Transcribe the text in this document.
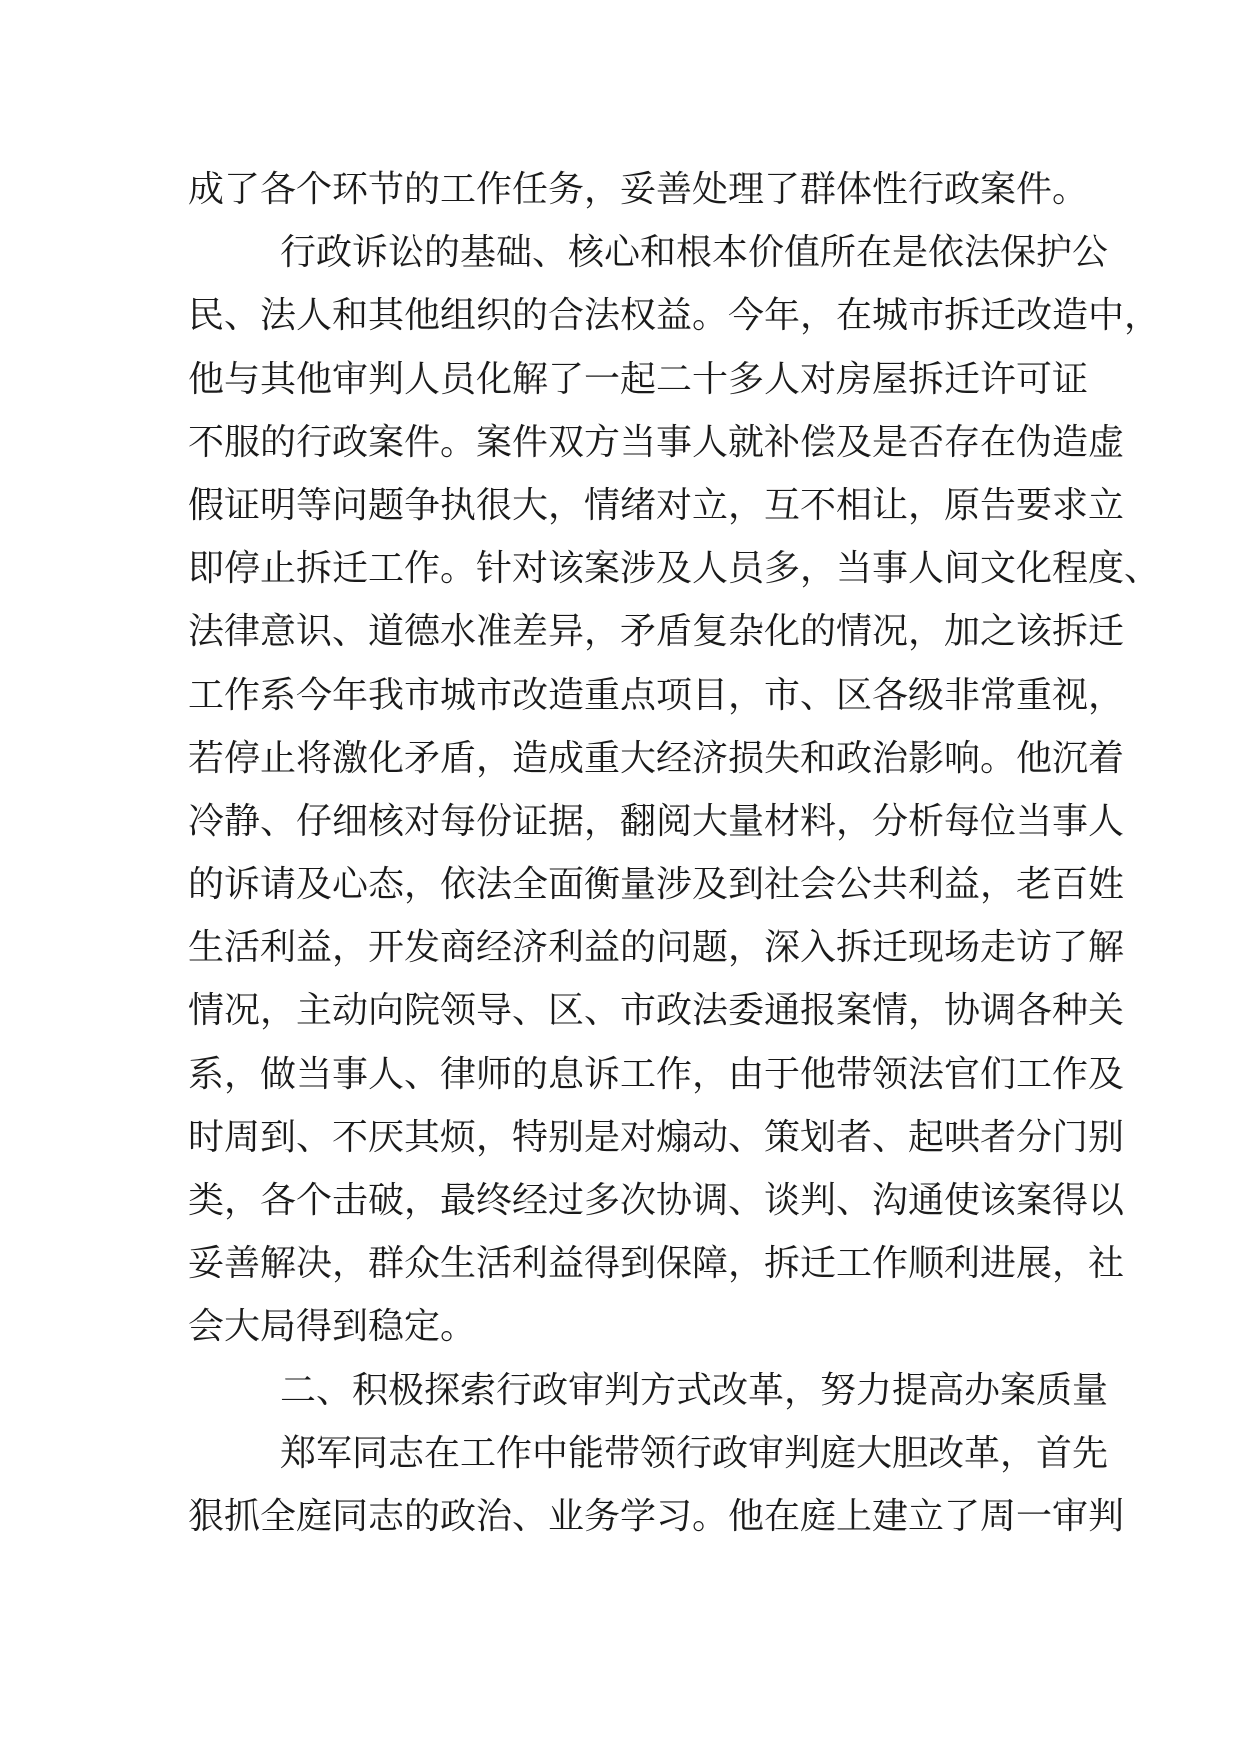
成了各个环节的工作任务，妥善处理了群体性行政案件。
行政诉讼的基础、核心和根本价值所在是依法保护公
民、法人和其他组织的合法权益。今年，在城市拆迁改造中，
他与其他审判人员化解了一起二十多人对房屋拆迁许可证
不服的行政案件。案件双方当事人就补偿及是否存在伪造虚
假证明等问题争执很大，情绪对立，互不相让，原告要求立
即停止拆迁工作。针对该案涉及人员多，当事人间文化程度、
法律意识、道德水准差异，矛盾复杂化的情况，加之该拆迁
工作系今年我市城市改造重点项目，市、区各级非常重视，
若停止将激化矛盾，造成重大经济损失和政治影响。他沉着
冷静、仔细核对每份证据，翻阅大量材料，分析每位当事人
的诉请及心态，依法全面衡量涉及到社会公共利益，老百姓
生活利益，开发商经济利益的问题，深入拆迁现场走访了解
情况，主动向院领导、区、市政法委通报案情，协调各种关
系，做当事人、律师的息诉工作，由于他带领法官们工作及
时周到、不厌其烦，特别是对煽动、策划者、起哄者分门别
类，各个击破，最终经过多次协调、谈判、沟通使该案得以
妥善解决，群众生活利益得到保障，拆迁工作顺利进展，社
会大局得到稳定。
二、积极探索行政审判方式改革，努力提高办案质量
郑军同志在工作中能带领行政审判庭大胆改革，首先
狠抓全庭同志的政治、业务学习。他在庭上建立了周一审判
